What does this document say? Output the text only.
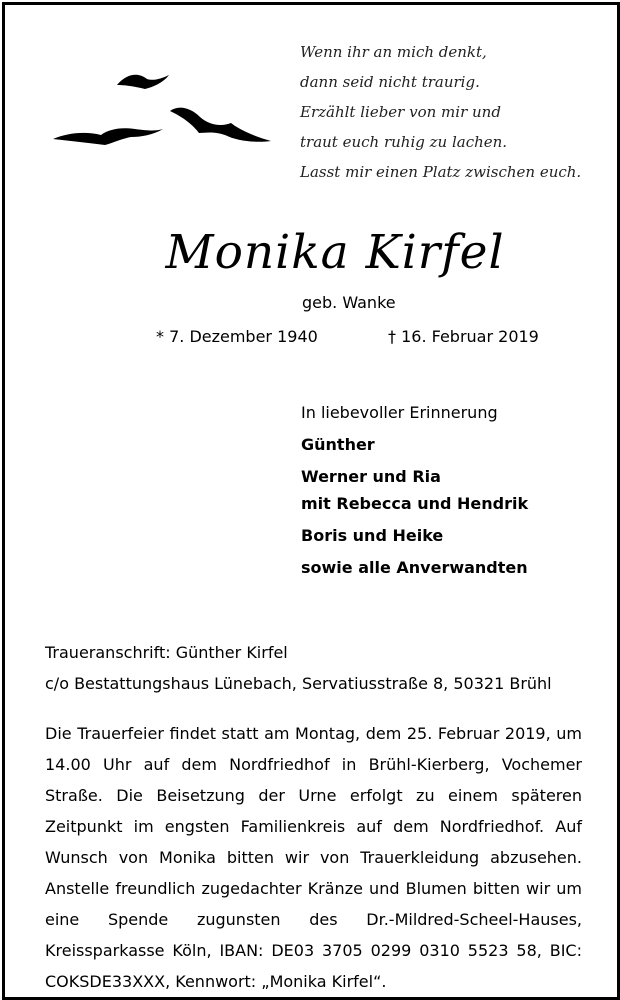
Wenn ihr an mich denkt,
dann seid nicht traurig.
Erzählt lieber von mir und
traut euch ruhig zu lachen.
Lasst mir einen Platz zwischen euch.
Monika Kirfel
geb. Wanke
* 7. Dezember 1940	† 16. Februar 2019
In liebevoller Erinnerung
Günther
Werner und Ria
mit Rebecca und Hendrik
Boris und Heike
sowie alle Anverwandten
Traueranschrift: Günther Kirfel
c/o Bestattungshaus Lünebach, Servatiusstraße 8, 50321 Brühl
Die Trauerfeier findet statt am Montag, dem 25. Februar 2019, um 14.00 Uhr auf dem Nordfriedhof in Brühl-Kierberg, Vochemer Straße. Die Beisetzung der Urne erfolgt zu einem späteren Zeitpunkt im engsten Familienkreis auf dem Nordfriedhof. Auf Wunsch von Monika bitten wir von Trauerkleidung abzusehen. Anstelle freundlich zugedachter Kränze und Blumen bitten wir um eine Spende zugunsten des Dr.-Mildred-Scheel-Hauses, Kreissparkasse Köln, IBAN: DE03 3705 0299 0310 5523 58, BIC: COKSDE33XXX, Kennwort: „Monika Kirfel“.
